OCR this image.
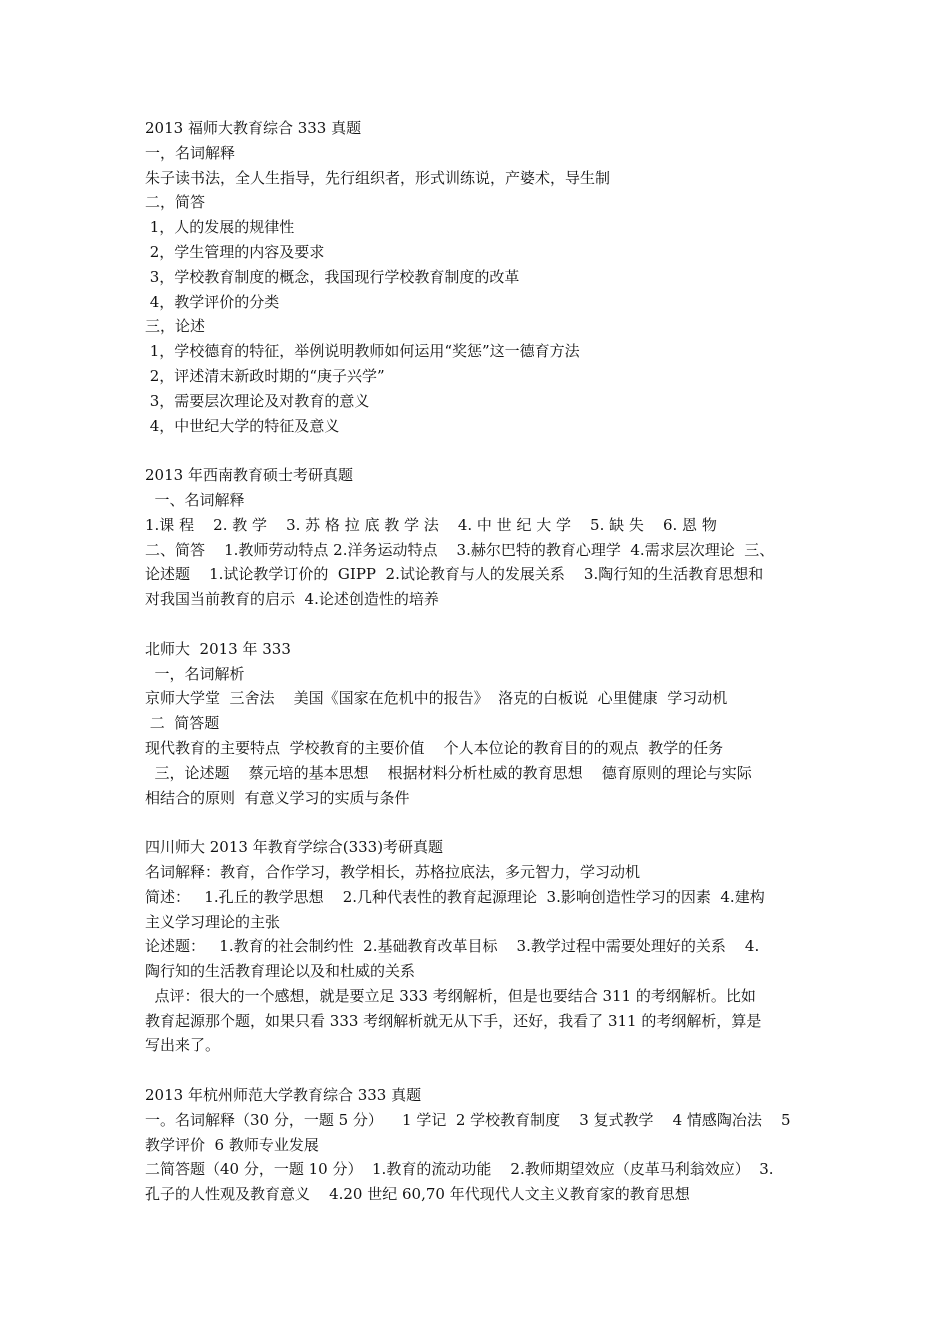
2013 福师大教育综合 333 真题

一，名词解释

朱子读书法，全人生指导，先行组织者，形式训练说，产婆术，导生制

二，简答

1，人的发展的规律性

2，学生管理的内容及要求

3，学校教育制度的概念，我国现行学校教育制度的改革

4，教学评价的分类

三，论述

1，学校德育的特征，举例说明教师如何运用“奖惩”这一德育方法

2，评述清末新政时期的“庚子兴学”

3，需要层次理论及对教育的意义

4，中世纪大学的特征及意义

2013 年西南教育硕士考研真题

一、名词解释

1.课 程    2. 教 学    3. 苏 格 拉 底 教 学 法    4. 中 世 纪 大 学    5. 缺 失    6. 恩 物

二、简答    1.教师劳动特点 2.洋务运动特点    3.赫尔巴特的教育心理学  4.需求层次理论  三、

论述题    1.试论教学订价的  GIPP  2.试论教育与人的发展关系    3.陶行知的生活教育思想和

对我国当前教育的启示  4.论述创造性的培养

北师大  2013 年 333

一，名词解析

京师大学堂  三舍法    美国《国家在危机中的报告》  洛克的白板说  心里健康  学习动机

二  简答题

现代教育的主要特点  学校教育的主要价值    个人本位论的教育目的的观点  教学的任务

三，论述题    蔡元培的基本思想    根据材料分析杜威的教育思想    德育原则的理论与实际

相结合的原则  有意义学习的实质与条件

四川师大 2013 年教育学综合(333)考研真题

名词解释：教育，合作学习，教学相长，苏格拉底法，多元智力，学习动机

简述：   1.孔丘的教学思想    2.几种代表性的教育起源理论  3.影响创造性学习的因素  4.建构

主义学习理论的主张

论述题：   1.教育的社会制约性  2.基础教育改革目标    3.教学过程中需要处理好的关系    4.

陶行知的生活教育理论以及和杜威的关系

点评：很大的一个感想，就是要立足 333 考纲解析，但是也要结合 311 的考纲解析。比如

教育起源那个题，如果只看 333 考纲解析就无从下手，还好，我看了 311 的考纲解析，算是

写出来了。

2013 年杭州师范大学教育综合 333 真题

一。名词解释（30 分，一题 5 分）    1 学记  2 学校教育制度    3 复式教学    4 情感陶冶法    5

教学评价  6 教师专业发展

二简答题（40 分，一题 10 分）  1.教育的流动功能    2.教师期望效应（皮革马利翁效应）  3.

孔子的人性观及教育意义    4.20 世纪 60,70 年代现代人文主义教育家的教育思想
